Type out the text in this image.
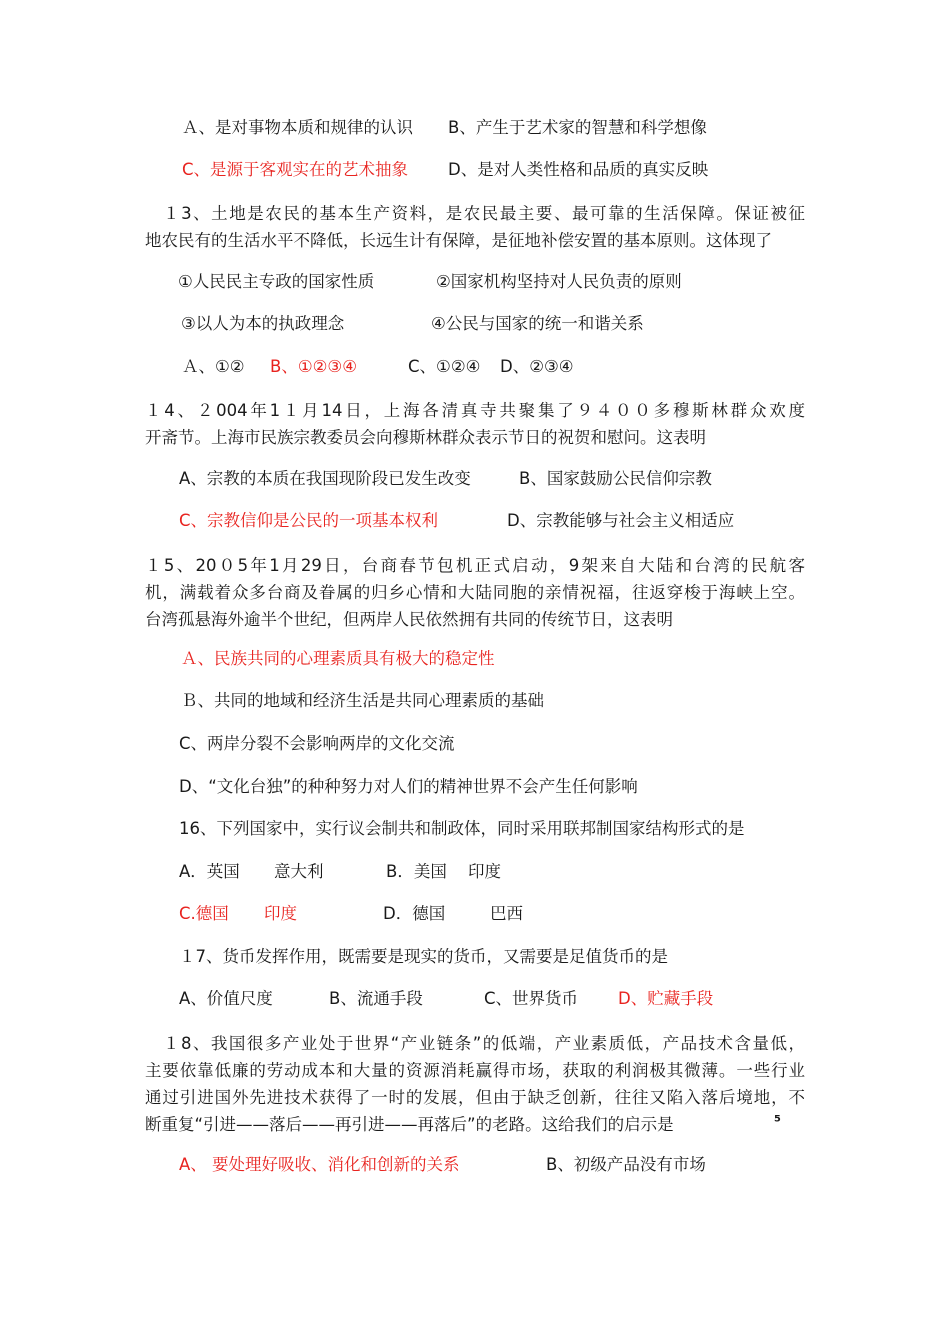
Ａ、是对事物本质和规律的认识 B、产生于艺术家的智慧和科学想像
C、是源于客观实在的艺术抽象 D、是对人类性格和品质的真实反映
　１3、土地是农民的基本生产资料，是农民最主要、最可靠的生活保障。保证被征
地农民有的生活水平不降低，长远生计有保障，是征地补偿安置的基本原则。这体现了
①人民民主专政的国家性质	②国家机构坚持对人民负责的原则
③以人为本的执政理念	④公民与国家的统一和谐关系
Ａ、①② B、①②③④	C、①②④ D、②③④
１4、２004年1１月14日，上海各清真寺共聚集了９４００多穆斯林群众欢度
开斋节。上海市民族宗教委员会向穆斯林群众表示节日的祝贺和慰问。这表明
A、宗教的本质在我国现阶段已发生改变	B、国家鼓励公民信仰宗教
C、宗教信仰是公民的一项基本权利	D、宗教能够与社会主义相适应
１5、20０5年1月29日，台商春节包机正式启动，9架来自大陆和台湾的民航客
机，满载着众多台商及眷属的归乡心情和大陆同胞的亲情祝福，往返穿梭于海峡上空。
台湾孤悬海外逾半个世纪，但两岸人民依然拥有共同的传统节日，这表明
Ａ、民族共同的心理素质具有极大的稳定性
Ｂ、共同的地域和经济生活是共同心理素质的基础
C、两岸分裂不会影响两岸的文化交流
D、“文化台独”的种种努力对人们的精神世界不会产生任何影响
16、下列国家中，实行议会制共和制政体，同时采用联邦制国家结构形式的是
A．英国 意大利	B．美国 印度
C.德国 印度	D．德国	巴西
１7、货币发挥作用，既需要是现实的货币，又需要是足值货币的是
A、价值尺度	B、流通手段	C、世界货币 D、贮藏手段
　１8、我国很多产业处于世界“产业链条”的低端，产业素质低，产品技术含量低，
主要依靠低廉的劳动成本和大量的资源消耗赢得市场，获取的利润极其微薄。一些行业
通过引进国外先进技术获得了一时的发展，但由于缺乏创新，往往又陷入落后境地，不
断重复“引进——落后——再引进——再落后”的老路。这给我们的启示是	⁵
A、 要处理好吸收、消化和创新的关系	B、初级产品没有市场
